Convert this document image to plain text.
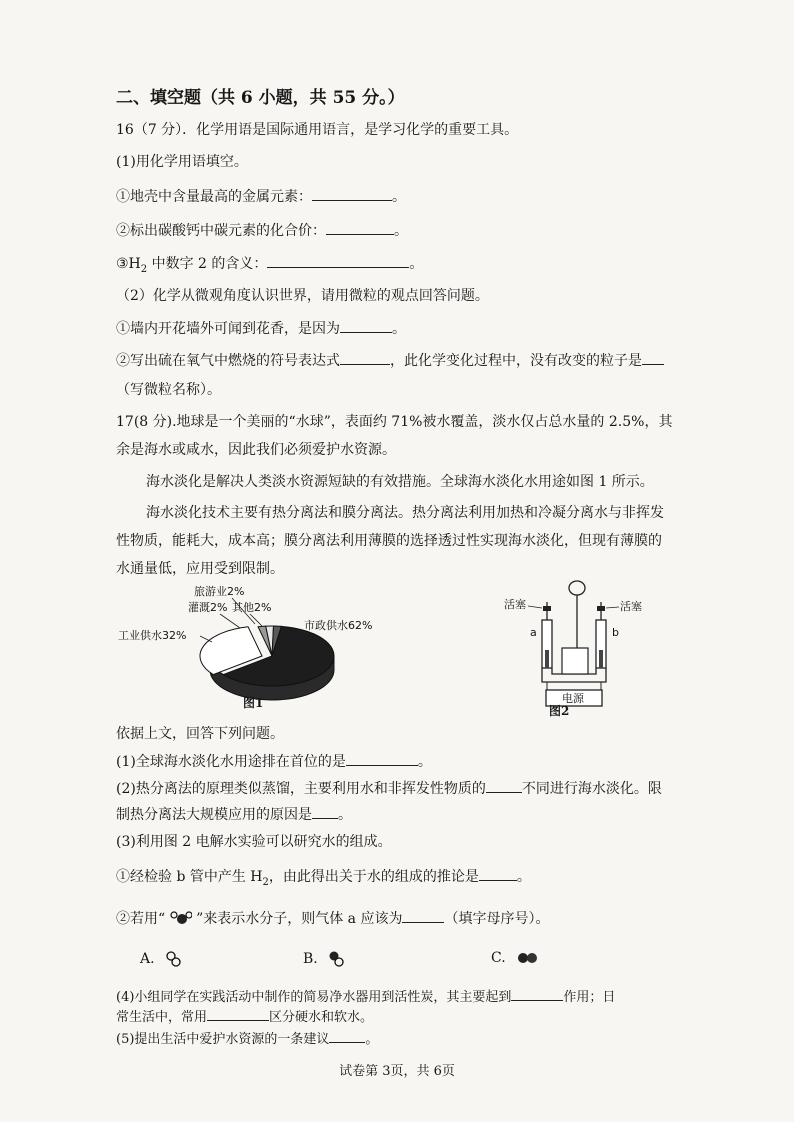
二、填空题（共 6 小题，共 55 分。）
16（7 分）．化学用语是国际通用语言，是学习化学的重要工具。
(1)用化学用语填空。
①地壳中含量最高的金属元素：	。
②标出碳酸钙中碳元素的化合价：	。
$③H_2$ 中数字 2 的含义：	。
（2）化学从微观角度认识世界，请用微粒的观点回答问题。
①墙内开花墙外可闻到花香，是因为	。
②写出硫在氧气中燃烧的符号表达式	，此化学变化过程中，没有改变的粒子是
（写微粒名称）。
17(8 分).地球是一个美丽的“水球”，表面约 71%被水覆盖，淡水仅占总水量的 2.5%，其
余是海水或咸水，因此我们必须爱护水资源。
海水淡化是解决人类淡水资源短缺的有效措施。全球海水淡化水用途如图 1 所示。
海水淡化技术主要有热分离法和膜分离法。热分离法利用加热和冷凝分离水与非挥发
性物质，能耗大，成本高；膜分离法利用薄膜的选择透过性实现海水淡化，但现有薄膜的
水通量低，应用受到限制。
旅游业2%
灌溉2% 其他2%
工业供水32%
市政供水62%
图1	电源
活塞	活塞
a	b
图2
依据上文，回答下列问题。
(1)全球海水淡化水用途排在首位的是	。
(2)热分离法的原理类似蒸馏，主要利用水和非挥发性物质的	不同进行海水淡化。限
制热分离法大规模应用的原因是 。
(3)利用图 2 电解水实验可以研究水的组成。
①经检验 b 管中产生 $H_2$，由此得出关于水的组成的推论是	。
②若用“ ”来表示水分子，则气体 a 应该为	（填字母序号）。
A.	B.	C.
(4)小组同学在实践活动中制作的简易净水器用到活性炭，其主要起到	作用；日
常生活中，常用	区分硬水和软水。
(5)提出生活中爱护水资源的一条建议	。
试卷第 3页，共 6页
